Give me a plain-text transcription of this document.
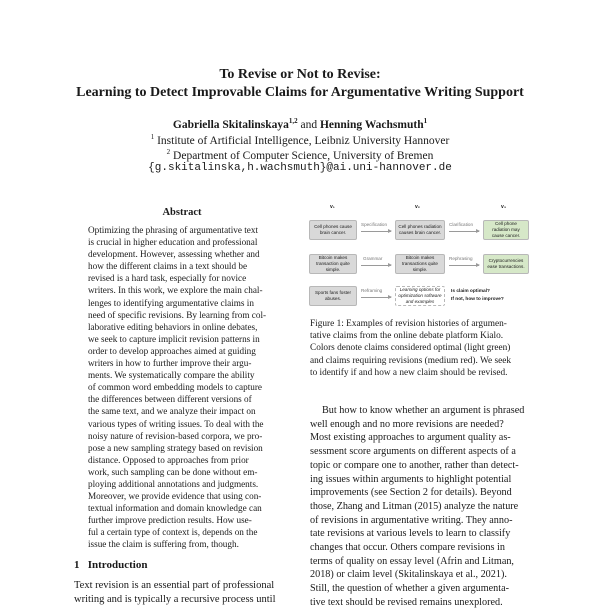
To Revise or Not to Revise:
Learning to Detect Improvable Claims for Argumentative Writing Support
Gabriella Skitalinskaya$^{1,2}$ and Henning Wachsmuth$^1$
$^1$ Institute of Artificial Intelligence, Leibniz University Hannover
$^2$ Department of Computer Science, University of Bremen
{g.skitalinska,h.wachsmuth}@ai.uni-hannover.de
Abstract
Optimizing the phrasing of argumentative text
is crucial in higher education and professional
development. However, assessing whether and
how the different claims in a text should be
revised is a hard task, especially for novice
writers. In this work, we explore the main chal-
lenges to identifying argumentative claims in
need of specific revisions. By learning from col-
laborative editing behaviors in online debates,
we seek to capture implicit revision patterns in
order to develop approaches aimed at guiding
writers in how to further improve their argu-
ments. We systematically compare the ability
of common word embedding models to capture
the differences between different versions of
the same text, and we analyze their impact on
various types of writing issues. To deal with the
noisy nature of revision-based corpora, we pro-
pose a new sampling strategy based on revision
distance. Opposed to approaches from prior
work, such sampling can be done without em-
ploying additional annotations and judgments.
Moreover, we provide evidence that using con-
textual information and domain knowledge can
further improve prediction results. How use-
ful a certain type of context is, depends on the
issue the claim is suffering from, though.
1 Introduction
Text revision is an essential part of professional
writing and is typically a recursive process until
v₁	v₂	v₃
Cell phones cause brain cancer.
Specification	Cell phones radiation causes brain cancer.
Clarification	Cell phone radiation may cause cancer.
Bitcoin makes transaction quite simple.
Grammar	Bitcoin makes transactions quite simple.
Rephrasing	Cryptocurrencies ease transactions.
Sports fans foster abuses.
Reframing	Learning options for optimization software and examples
Is claim optimal?
If not, how to improve?
Figure 1: Examples of revision histories of argumen-
tative claims from the online debate platform Kialo.
Colors denote claims considered optimal (light green)
and claims requiring revisions (medium red). We seek
to identify if and how a new claim should be revised.
But how to know whether an argument is phrased
well enough and no more revisions are needed?
Most existing approaches to argument quality as-
sessment score arguments on different aspects of a
topic or compare one to another, rather than detect-
ing issues within arguments to highlight potential
improvements (see Section 2 for details). Beyond
those, Zhang and Litman (2015) analyze the nature
of revisions in argumentative writing. They anno-
tate revisions at various levels to learn to classify
changes that occur. Others compare revisions in
terms of quality on essay level (Afrin and Litman,
2018) or claim level (Skitalinskaya et al., 2021).
Still, the question of whether a given argumenta-
tive text should be revised remains unexplored.
